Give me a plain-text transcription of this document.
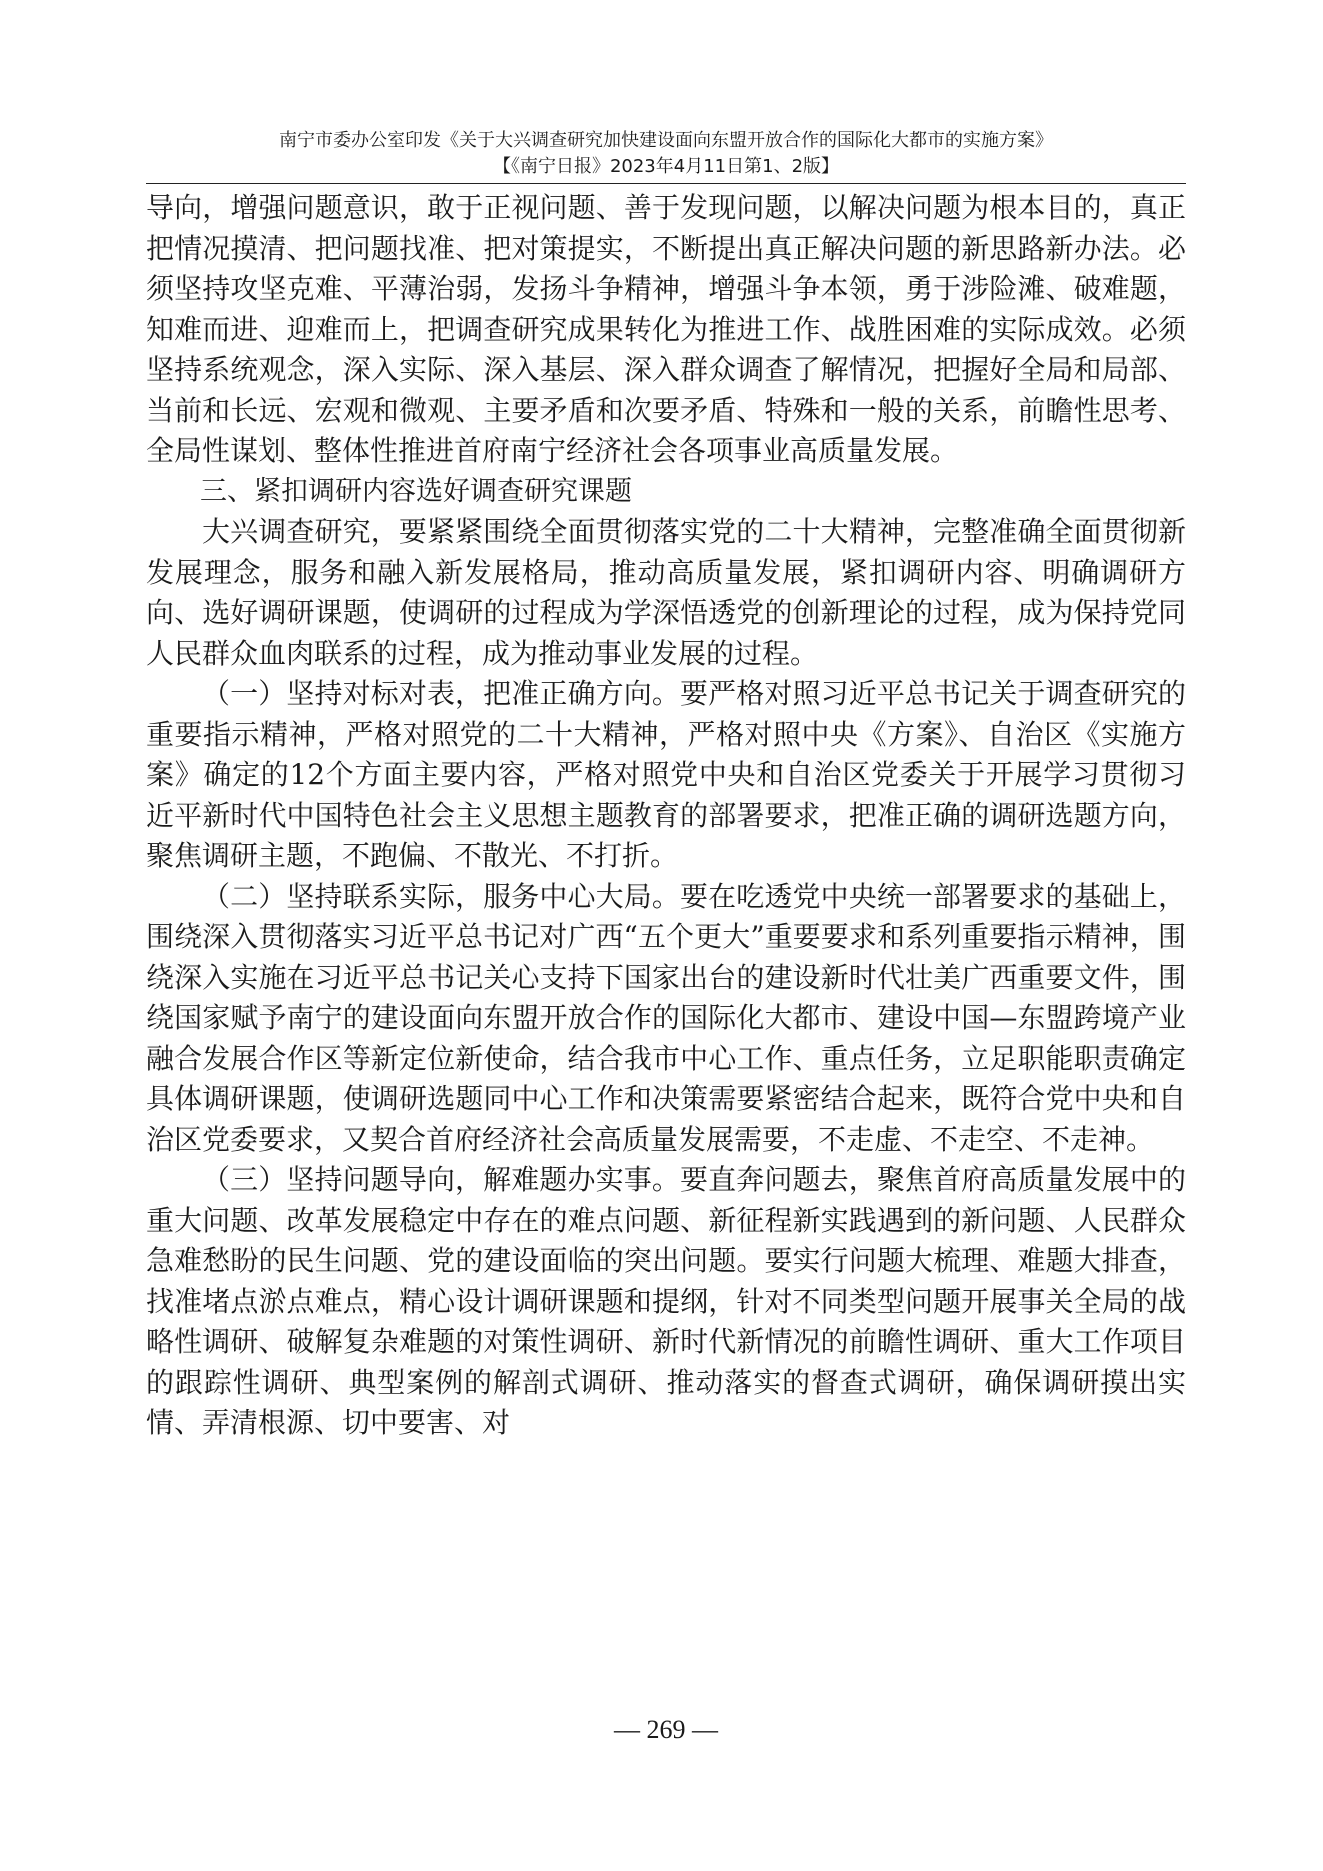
南宁市委办公室印发《关于大兴调查研究加快建设面向东盟开放合作的国际化大都市的实施方案》
【《南宁日报》2023年4月11日第1、2版】

导向，增强问题意识，敢于正视问题、善于发现问题，以解决问题为根本目的，真正把情况摸清、把问题找准、把对策提实，不断提出真正解决问题的新思路新办法。必须坚持攻坚克难、平薄治弱，发扬斗争精神，增强斗争本领，勇于涉险滩、破难题，知难而进、迎难而上，把调查研究成果转化为推进工作、战胜困难的实际成效。必须坚持系统观念，深入实际、深入基层、深入群众调查了解情况，把握好全局和局部、当前和长远、宏观和微观、主要矛盾和次要矛盾、特殊和一般的关系，前瞻性思考、全局性谋划、整体性推进首府南宁经济社会各项事业高质量发展。

三、紧扣调研内容选好调查研究课题

大兴调查研究，要紧紧围绕全面贯彻落实党的二十大精神，完整准确全面贯彻新发展理念，服务和融入新发展格局，推动高质量发展，紧扣调研内容、明确调研方向、选好调研课题，使调研的过程成为学深悟透党的创新理论的过程，成为保持党同人民群众血肉联系的过程，成为推动事业发展的过程。

（一）坚持对标对表，把准正确方向。要严格对照习近平总书记关于调查研究的重要指示精神，严格对照党的二十大精神，严格对照中央《方案》、自治区《实施方案》确定的12个方面主要内容，严格对照党中央和自治区党委关于开展学习贯彻习近平新时代中国特色社会主义思想主题教育的部署要求，把准正确的调研选题方向，聚焦调研主题，不跑偏、不散光、不打折。

（二）坚持联系实际，服务中心大局。要在吃透党中央统一部署要求的基础上，围绕深入贯彻落实习近平总书记对广西“五个更大”重要要求和系列重要指示精神，围绕深入实施在习近平总书记关心支持下国家出台的建设新时代壮美广西重要文件，围绕国家赋予南宁的建设面向东盟开放合作的国际化大都市、建设中国—东盟跨境产业融合发展合作区等新定位新使命，结合我市中心工作、重点任务，立足职能职责确定具体调研课题，使调研选题同中心工作和决策需要紧密结合起来，既符合党中央和自治区党委要求，又契合首府经济社会高质量发展需要，不走虚、不走空、不走神。

（三）坚持问题导向，解难题办实事。要直奔问题去，聚焦首府高质量发展中的重大问题、改革发展稳定中存在的难点问题、新征程新实践遇到的新问题、人民群众急难愁盼的民生问题、党的建设面临的突出问题。要实行问题大梳理、难题大排查，找准堵点淤点难点，精心设计调研课题和提纲，针对不同类型问题开展事关全局的战略性调研、破解复杂难题的对策性调研、新时代新情况的前瞻性调研、重大工作项目的跟踪性调研、典型案例的解剖式调研、推动落实的督查式调研，确保调研摸出实情、弄清根源、切中要害、对

— 269 —
